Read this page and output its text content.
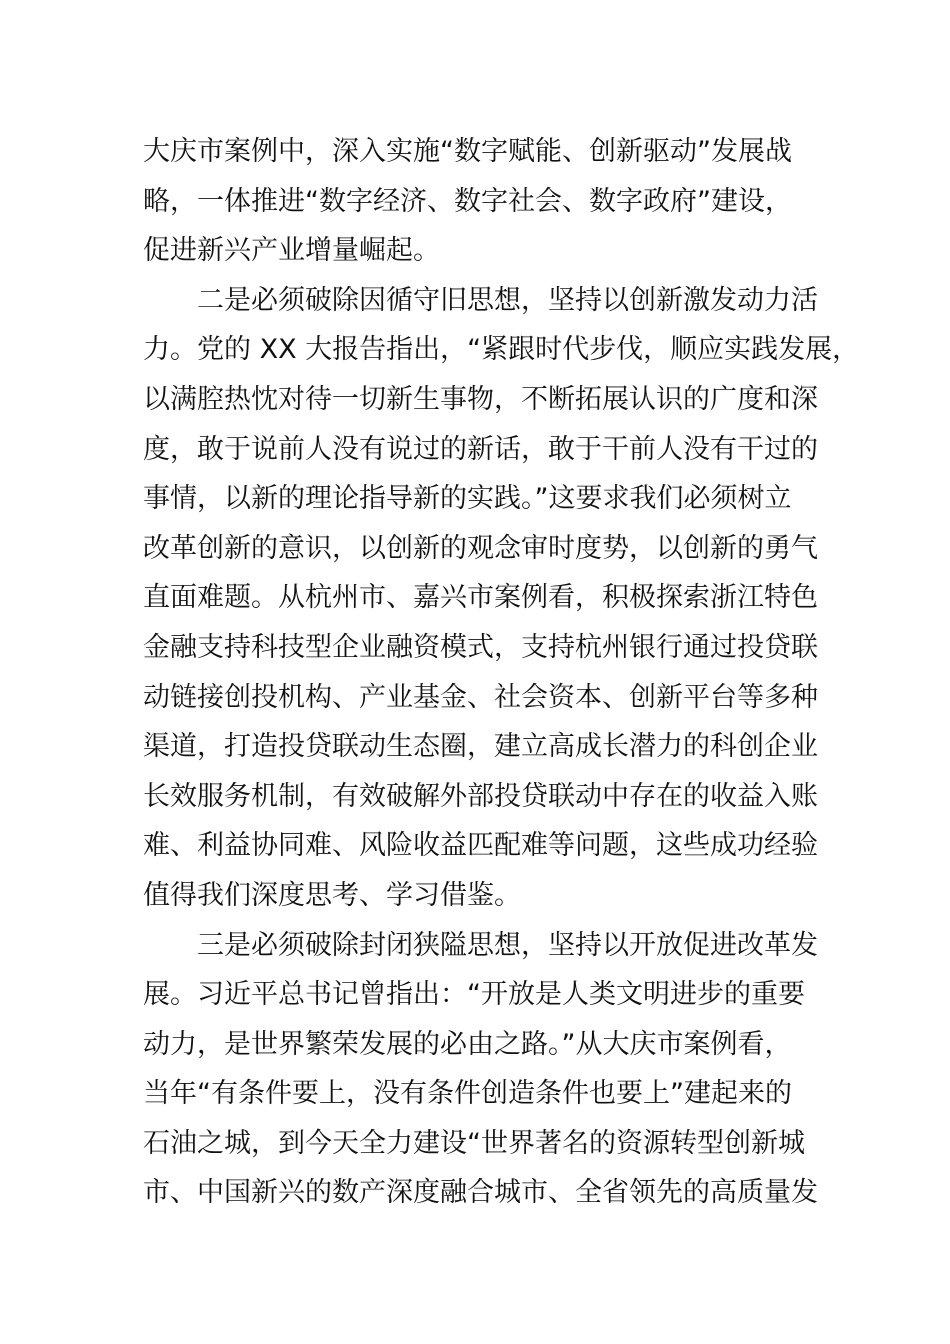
大庆市案例中，深入实施“数字赋能、创新驱动”发展战
略，一体推进“数字经济、数字社会、数字政府”建设，
促进新兴产业增量崛起。
　　二是必须破除因循守旧思想，坚持以创新激发动力活
力。党的 XX 大报告指出，“紧跟时代步伐，顺应实践发展，
以满腔热忱对待一切新生事物，不断拓展认识的广度和深
度，敢于说前人没有说过的新话，敢于干前人没有干过的
事情，以新的理论指导新的实践。”这要求我们必须树立
改革创新的意识，以创新的观念审时度势，以创新的勇气
直面难题。从杭州市、嘉兴市案例看，积极探索浙江特色
金融支持科技型企业融资模式，支持杭州银行通过投贷联
动链接创投机构、产业基金、社会资本、创新平台等多种
渠道，打造投贷联动生态圈，建立高成长潜力的科创企业
长效服务机制，有效破解外部投贷联动中存在的收益入账
难、利益协同难、风险收益匹配难等问题，这些成功经验
值得我们深度思考、学习借鉴。
　　三是必须破除封闭狭隘思想，坚持以开放促进改革发
展。习近平总书记曾指出：“开放是人类文明进步的重要
动力，是世界繁荣发展的必由之路。”从大庆市案例看，
当年“有条件要上，没有条件创造条件也要上”建起来的
石油之城，到今天全力建设“世界著名的资源转型创新城
市、中国新兴的数产深度融合城市、全省领先的高质量发
